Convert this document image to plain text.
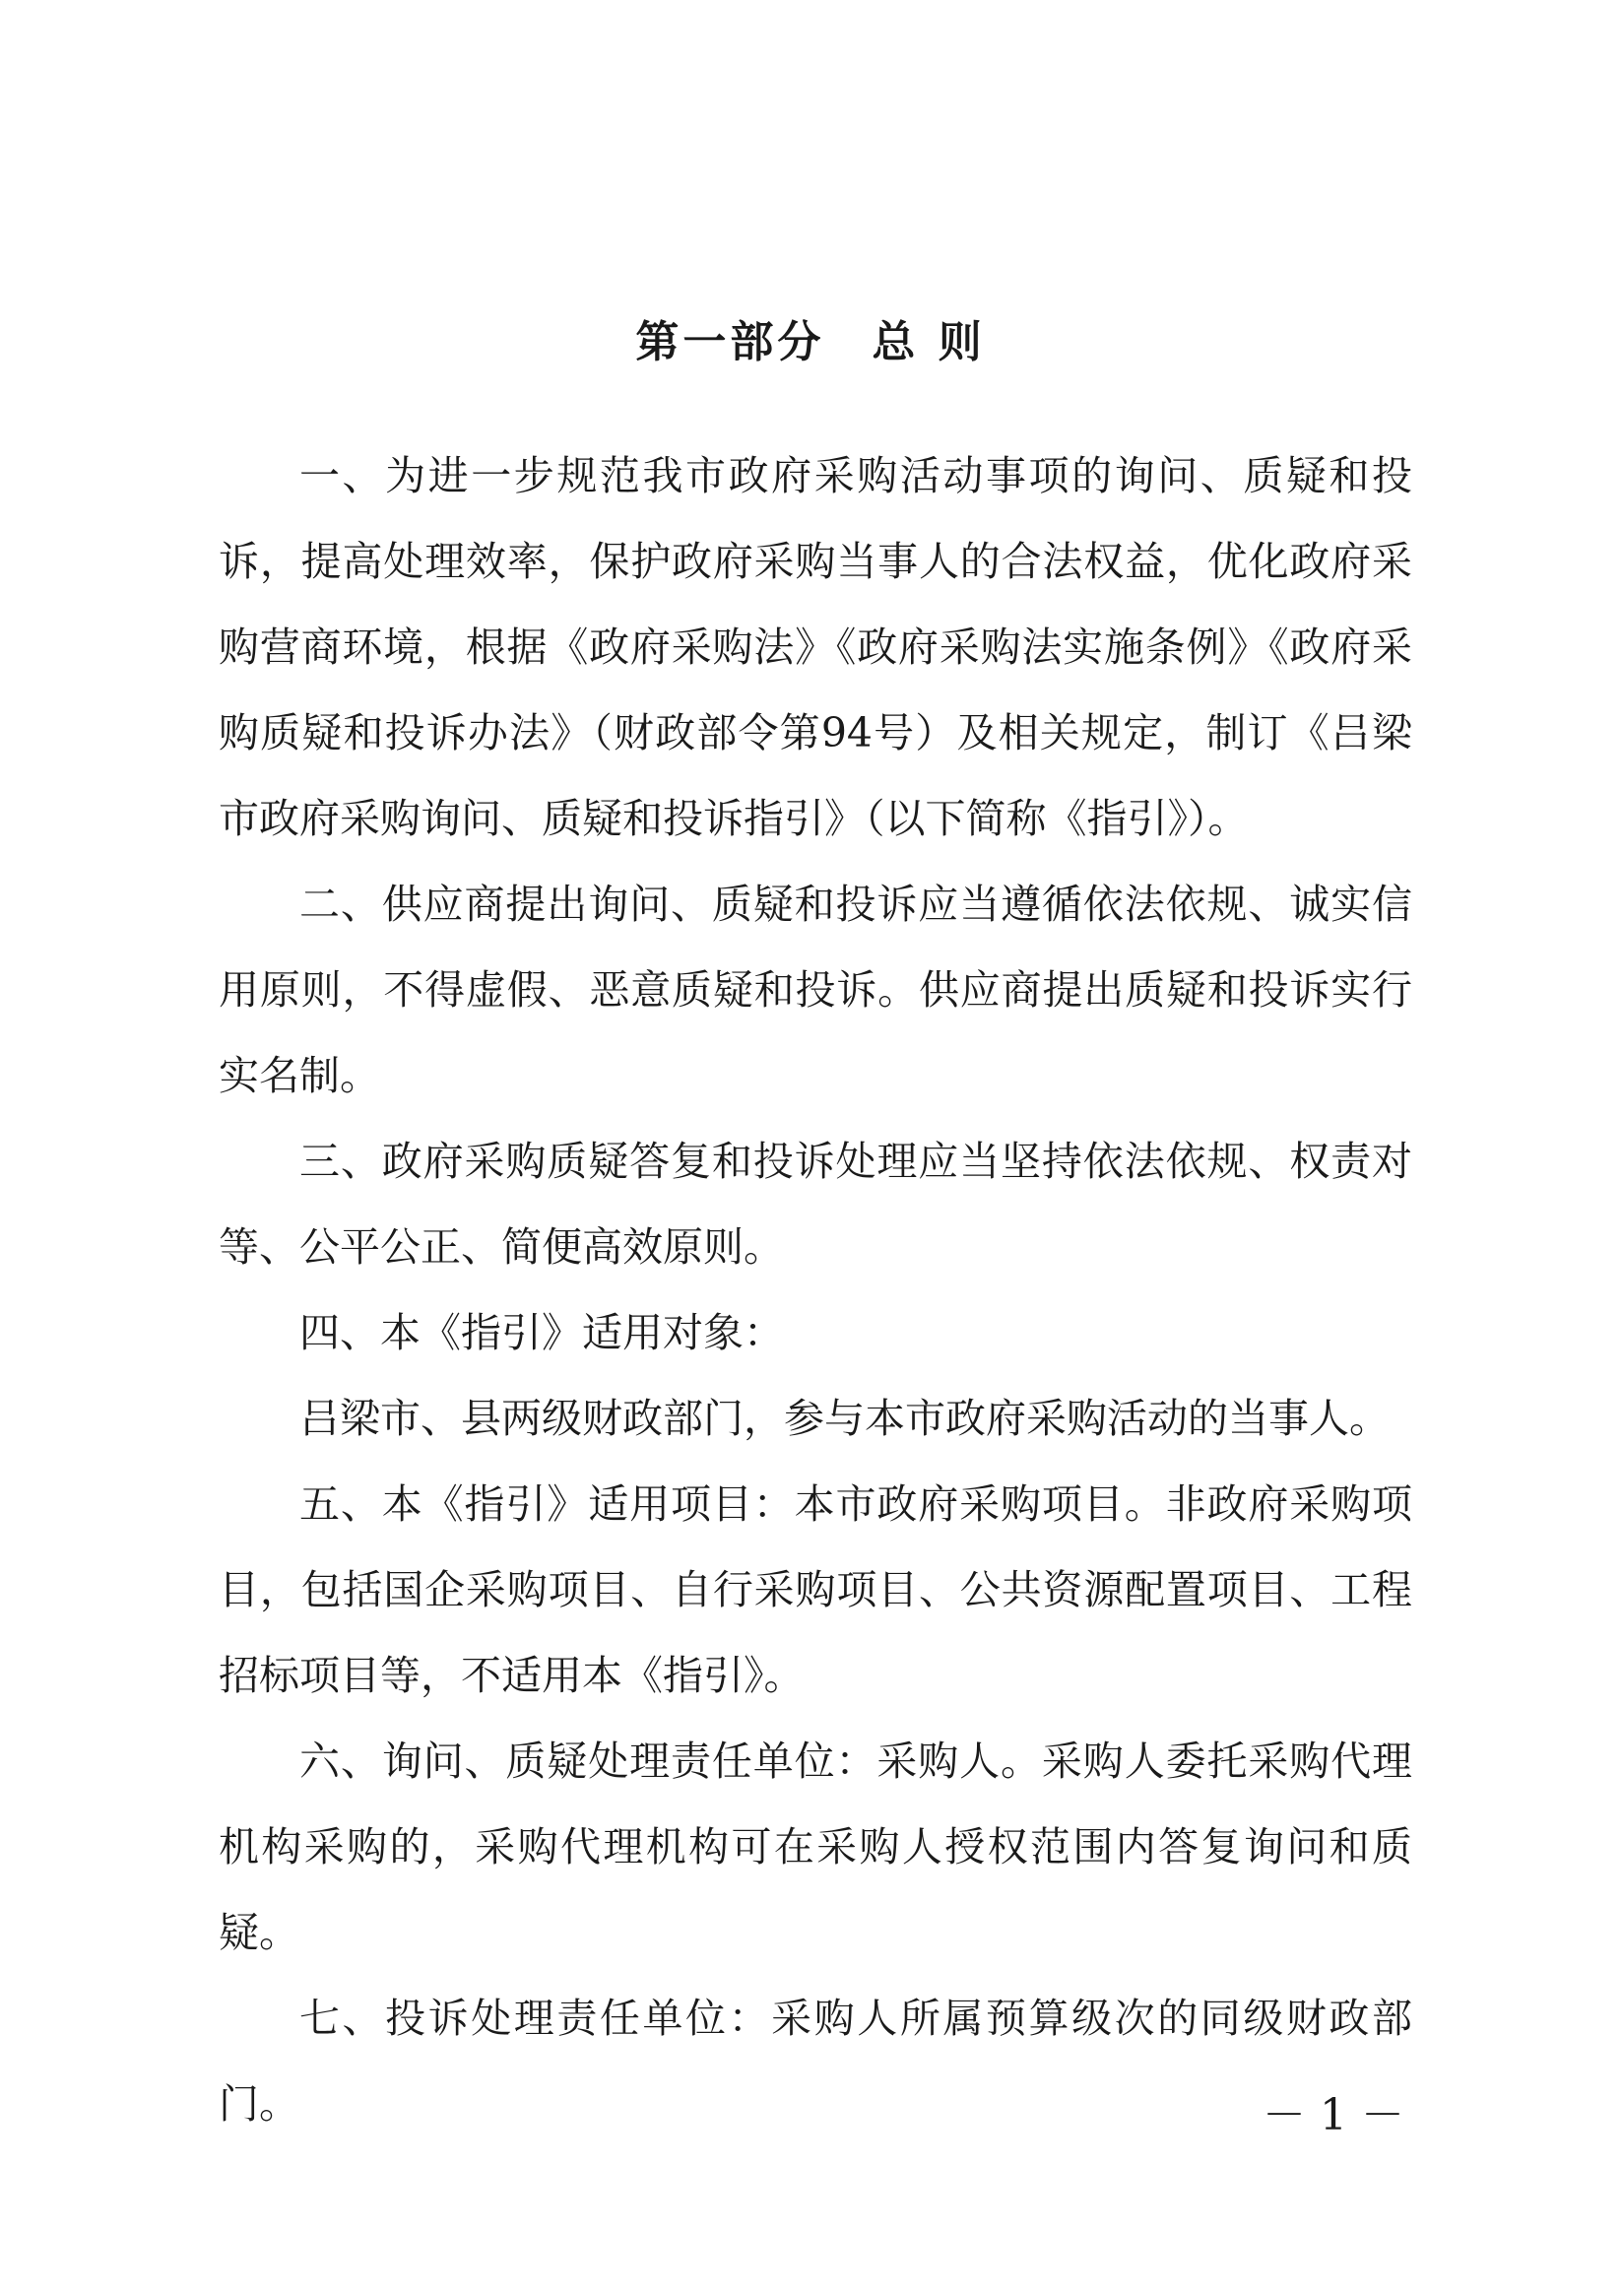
第一部分　总 则

一、为进一步规范我市政府采购活动事项的询问、质疑和投诉，提高处理效率，保护政府采购当事人的合法权益，优化政府采购营商环境，根据《政府采购法》《政府采购法实施条例》《政府采购质疑和投诉办法》（财政部令第94号）及相关规定，制订《吕梁市政府采购询问、质疑和投诉指引》（以下简称《指引》）。

二、供应商提出询问、质疑和投诉应当遵循依法依规、诚实信用原则，不得虚假、恶意质疑和投诉。供应商提出质疑和投诉实行实名制。

三、政府采购质疑答复和投诉处理应当坚持依法依规、权责对等、公平公正、简便高效原则。

四、本《指引》适用对象：

吕梁市、县两级财政部门，参与本市政府采购活动的当事人。

五、本《指引》适用项目：本市政府采购项目。非政府采购项目，包括国企采购项目、自行采购项目、公共资源配置项目、工程招标项目等，不适用本《指引》。

六、询问、质疑处理责任单位：采购人。采购人委托采购代理机构采购的，采购代理机构可在采购人授权范围内答复询问和质疑。

七、投诉处理责任单位：采购人所属预算级次的同级财政部门。	－ 1 －
